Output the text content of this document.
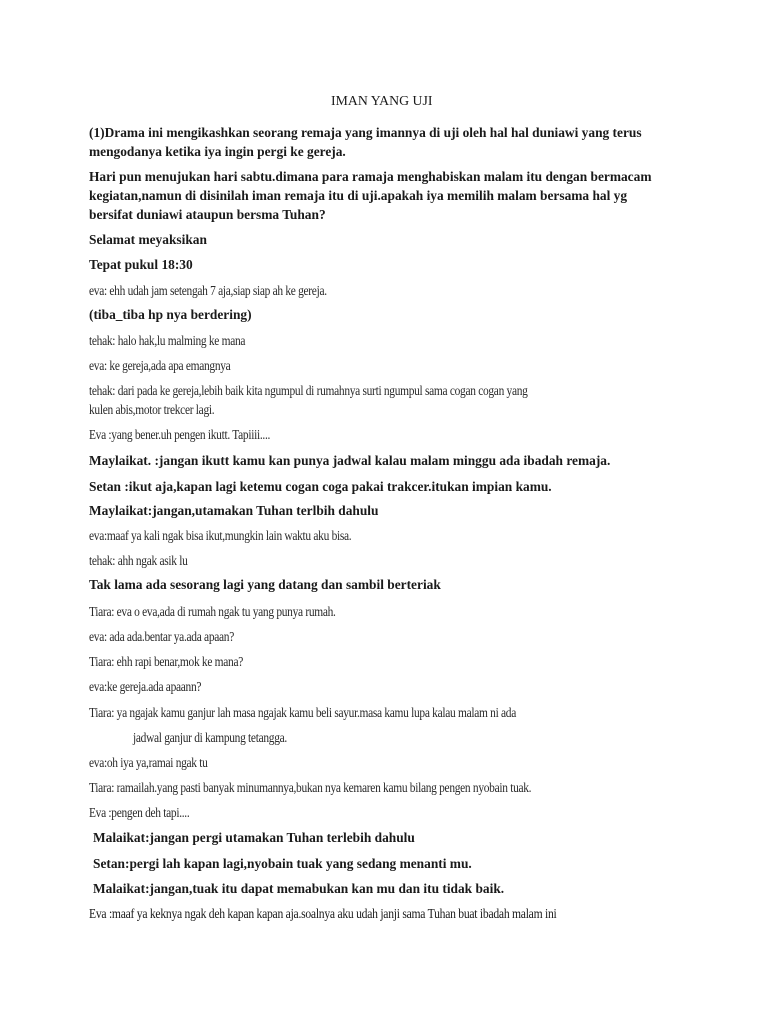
IMAN YANG UJI
(1)Drama ini mengikashkan seorang remaja yang imannya di uji oleh hal hal duniawi yang terus
mengodanya ketika iya ingin pergi ke gereja.
Hari pun menujukan hari sabtu.dimana para ramaja menghabiskan malam itu dengan bermacam
kegiatan,namun di disinilah iman remaja itu di uji.apakah iya memilih malam bersama hal yg
bersifat duniawi ataupun bersma Tuhan?
Selamat meyaksikan
Tepat pukul 18:30
eva: ehh udah jam setengah 7 aja,siap siap ah ke gereja.
(tiba_tiba hp nya berdering)
tehak: halo hak,lu malming ke mana
eva: ke gereja,ada apa emangnya
tehak: dari pada ke gereja,lebih baik kita ngumpul di rumahnya surti ngumpul sama cogan cogan yang
kulen abis,motor trekcer lagi.
Eva :yang bener.uh pengen ikutt. Tapiiii....
Maylaikat. :jangan ikutt kamu kan punya jadwal kalau malam minggu ada ibadah remaja.
Setan :ikut aja,kapan lagi ketemu cogan coga pakai trakcer.itukan impian kamu.
Maylaikat:jangan,utamakan Tuhan terlbih dahulu
eva:maaf ya kali ngak bisa ikut,mungkin lain waktu aku bisa.
tehak: ahh ngak asik lu
Tak lama ada sesorang lagi yang datang dan sambil berteriak
Tiara: eva o eva,ada di rumah ngak tu yang punya rumah.
eva: ada ada.bentar ya.ada apaan?
Tiara: ehh rapi benar,mok ke mana?
eva:ke gereja.ada apaann?
Tiara: ya ngajak kamu ganjur lah masa ngajak kamu beli sayur.masa kamu lupa kalau malam ni ada
jadwal ganjur di kampung tetangga.
eva:oh iya ya,ramai ngak tu
Tiara: ramailah.yang pasti banyak minumannya,bukan nya kemaren kamu bilang pengen nyobain tuak.
Eva :pengen deh tapi....
Malaikat:jangan pergi utamakan Tuhan terlebih dahulu
Setan:pergi lah kapan lagi,nyobain tuak yang sedang menanti mu.
Malaikat:jangan,tuak itu dapat memabukan kan mu dan itu tidak baik.
Eva :maaf ya keknya ngak deh kapan kapan aja.soalnya aku udah janji sama Tuhan buat ibadah malam ini
